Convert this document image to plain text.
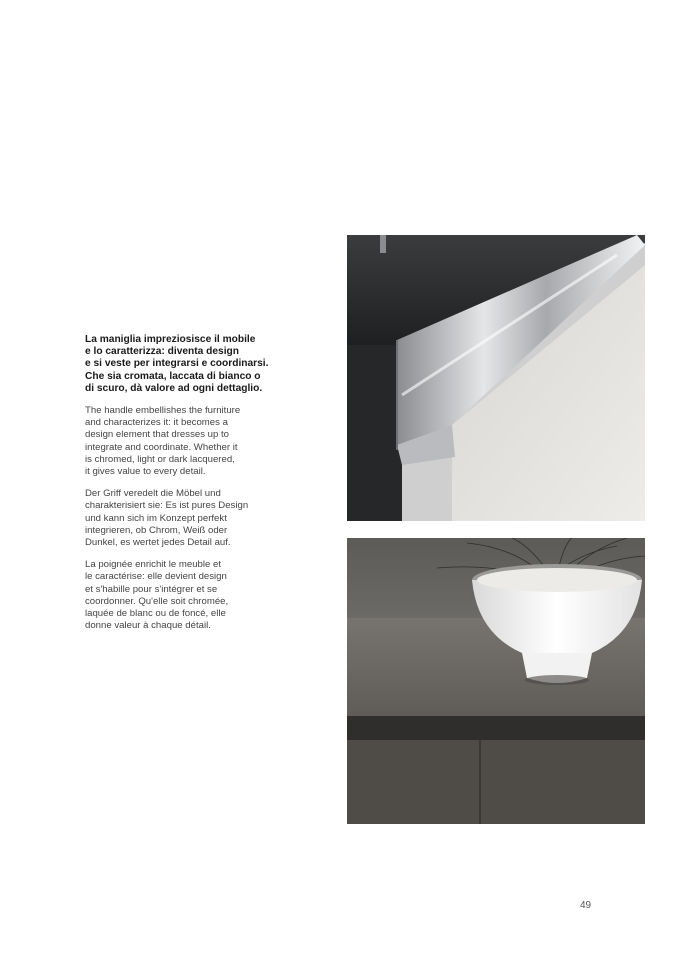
La maniglia impreziosisce il mobile
e lo caratterizza: diventa design
e si veste per integrarsi e coordinarsi.
Che sia cromata, laccata di bianco o
di scuro, dà valore ad ogni dettaglio.

The handle embellishes the furniture
and characterizes it: it becomes a
design element that dresses up to
integrate and coordinate. Whether it
is chromed, light or dark lacquered,
it gives value to every detail.

Der Griff veredelt die Möbel und
charakterisiert sie: Es ist pures Design
und kann sich im Konzept perfekt
integrieren, ob Chrom, Weiß oder
Dunkel, es wertet jedes Detail auf.

La poignée enrichit le meuble et
le caractérise: elle devient design
et s'habille pour s'intégrer et se
coordonner. Qu'elle soit chromée,
laquée de blanc ou de foncé, elle
donne valeur à chaque détail.

49
